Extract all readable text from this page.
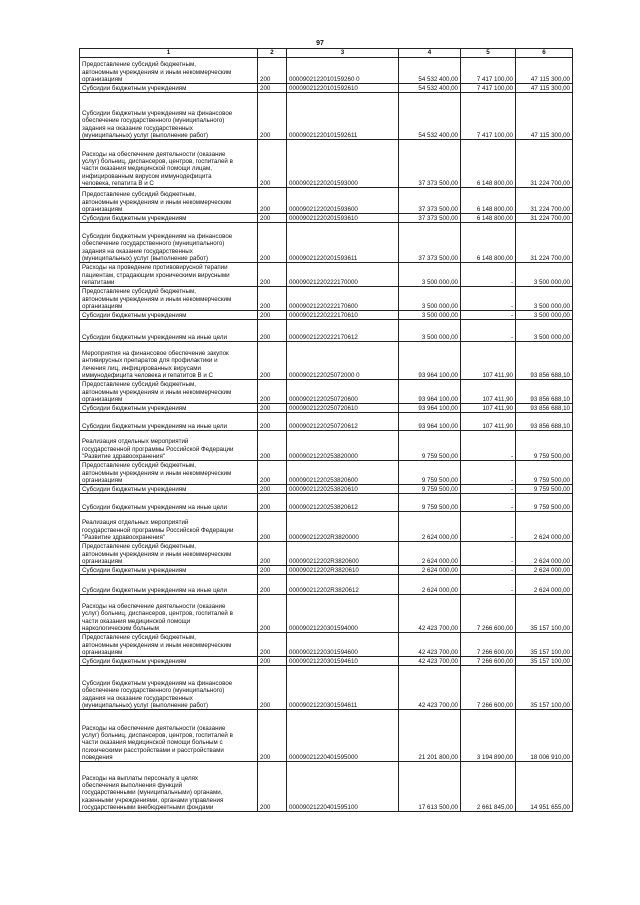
97
1	2	3	4	5	6

Предоставление субсидий бюджетным,
автономным учреждениям и иным некоммерческим
организациям	200	0000902122010159260 0	54 532 400,00	7 417 100,00	47 115 300,00

Субсидии бюджетным учреждениям	200	00009021220101592610	54 532 400,00	7 417 100,00	47 115 300,00

Субсидии бюджетным учреждениям на финансовое
обеспечение государственного (муниципального)
задания на оказание государственных
(муниципальных) услуг (выполнение работ)	200	00009021220101592611	54 532 400,00	7 417 100,00	47 115 300,00

Расходы на обеспечение деятельности (оказание
услуг) больниц, диспансеров, центров, госпиталей в
части оказания медицинской помощи лицам,
инфицированным вирусом иммунодефицита
человека, гепатита В и С	200	00009021220201593000	37 373 500,00	6 148 800,00	31 224 700,00

Предоставление субсидий бюджетным,
автономным учреждениям и иным некоммерческим
организациям	200	00009021220201593600	37 373 500,00	6 148 800,00	31 224 700,00

Субсидии бюджетным учреждениям	200	00009021220201593610	37 373 500,00	6 148 800,00	31 224 700,00

Субсидии бюджетным учреждениям на финансовое
обеспечение государственного (муниципального)
задания на оказание государственных
(муниципальных) услуг (выполнение работ)	200	00009021220201593611	37 373 500,00	6 148 800,00	31 224 700,00

Расходы на проведение противовирусной терапии
пациентам, страдающим хроническими вирусными
гепатитами	200	00009021220222170000	3 500 000,00	-	3 500 000,00

Предоставление субсидий бюджетным,
автономным учреждениям и иным некоммерческим
организациям	200	00009021220222170600	3 500 000,00	-	3 500 000,00

Субсидии бюджетным учреждениям	200	00009021220222170610	3 500 000,00	-	3 500 000,00

Субсидии бюджетным учреждениям на иные цели	200	00009021220222170612	3 500 000,00	-	3 500 000,00

Мероприятия на финансовое обеспечение закупок
антивирусных препаратов для профилактики и
лечения лиц, инфицированных вирусами
иммунодефицита человека и гепатитов В и С	200	0000902122025072000 0	93 964 100,00	107 411,90	93 856 688,10

Предоставление субсидий бюджетным,
автономным учреждениям и иным некоммерческим
организациям	200	00009021220250720600	93 964 100,00	107 411,90	93 856 688,10

Субсидии бюджетным учреждениям	200	00009021220250720610	93 964 100,00	107 411,90	93 856 688,10

Субсидии бюджетным учреждениям на иные цели	200	00009021220250720612	93 964 100,00	107 411,90	93 856 688,10

Реализация отдельных мероприятий
государственной программы Российской Федерации
"Развитие здравоохранения"	200	00009021220253820000	9 759 500,00	-	9 759 500,00

Предоставление субсидий бюджетным,
автономным учреждениям и иным некоммерческим
организациям	200	00009021220253820600	9 759 500,00	-	9 759 500,00

Субсидии бюджетным учреждениям	200	00009021220253820610	9 759 500,00	-	9 759 500,00

Субсидии бюджетным учреждениям на иные цели	200	00009021220253820612	9 759 500,00	-	9 759 500,00

Реализация отдельных мероприятий
государственной программы Российской Федерации
"Развитие здравоохранения"	200	000090212202R3820000	2 624 000,00	-	2 624 000,00

Предоставление субсидий бюджетным,
автономным учреждениям и иным некоммерческим
организациям	200	000090212202R3820600	2 624 000,00	-	2 624 000,00

Субсидии бюджетным учреждениям	200	000090212202R3820610	2 624 000,00	-	2 624 000,00

Субсидии бюджетным учреждениям на иные цели	200	000090212202R3820612	2 624 000,00	-	2 624 000,00

Расходы на обеспечение деятельности (оказание
услуг) больниц, диспансеров, центров, госпиталей в
части оказания медицинской помощи
наркологическим больным	200	00009021220301594000	42 423 700,00	7 266 600,00	35 157 100,00

Предоставление субсидий бюджетным,
автономным учреждениям и иным некоммерческим
организациям	200	00009021220301594600	42 423 700,00	7 266 600,00	35 157 100,00

Субсидии бюджетным учреждениям	200	00009021220301594610	42 423 700,00	7 266 600,00	35 157 100,00

Субсидии бюджетным учреждениям на финансовое
обеспечение государственного (муниципального)
задания на оказание государственных
(муниципальных) услуг (выполнение работ)	200	00009021220301594611	42 423 700,00	7 266 600,00	35 157 100,00

Расходы на обеспечение деятельности (оказание
услуг) больниц, диспансеров, центров, госпиталей в
части оказания медицинской помощи больным с
психическими расстройствами и расстройствами
поведения	200	00009021220401595000	21 201 800,00	3 194 890,00	18 006 910,00

Расходы на выплаты персоналу в целях
обеспечения выполнения функций
государственными (муниципальными) органами,
казенными учреждениями, органами управления
государственными внебюджетными фондами	200	00009021220401595100	17 613 500,00	2 661 845,00	14 951 655,00
